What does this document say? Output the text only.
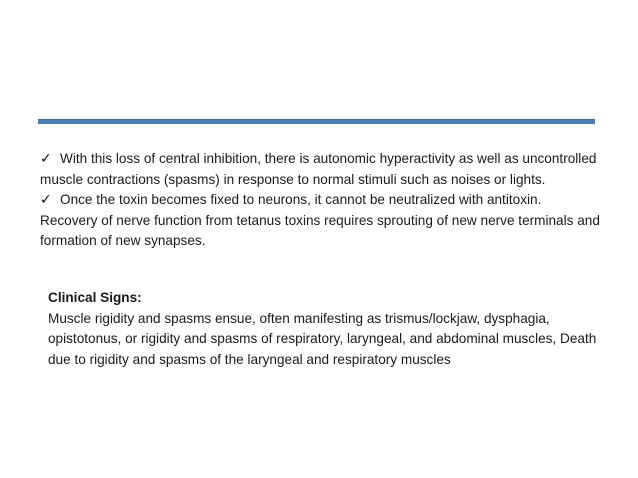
✓ With this loss of central inhibition, there is autonomic hyperactivity as well as uncontrolled muscle contractions (spasms) in response to normal stimuli such as noises or lights.

✓ Once the toxin becomes fixed to neurons, it cannot be neutralized with antitoxin. Recovery of nerve function from tetanus toxins requires sprouting of new nerve terminals and formation of new synapses.

Clinical Signs:

Muscle rigidity and spasms ensue, often manifesting as trismus/lockjaw, dysphagia, opistotonus, or rigidity and spasms of respiratory, laryngeal, and abdominal muscles, Death due to rigidity and spasms of the laryngeal and respiratory muscles
